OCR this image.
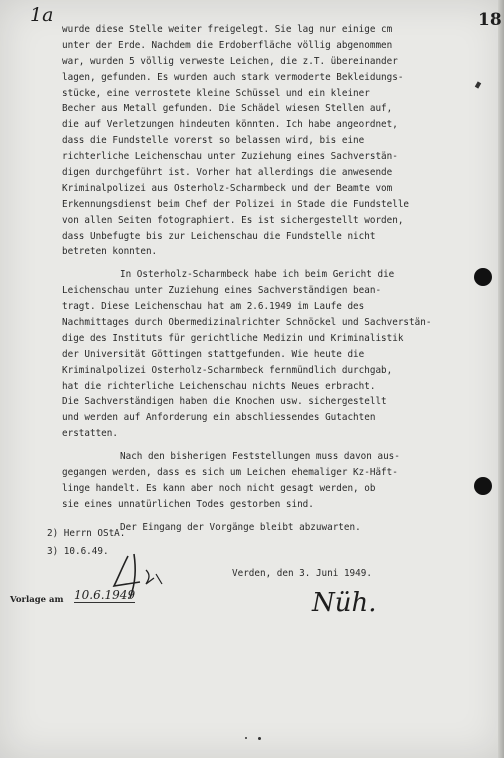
1a	18
wurde diese Stelle weiter freigelegt. Sie lag nur einige cm
unter der Erde. Nachdem die Erdoberfläche völlig abgenommen
war, wurden 5 völlig verweste Leichen, die z.T. übereinander
lagen, gefunden. Es wurden auch stark vermoderte Bekleidungs-
stücke, eine verrostete kleine Schüssel und ein kleiner
Becher aus Metall gefunden. Die Schädel wiesen Stellen auf,
die auf Verletzungen hindeuten könnten. Ich habe angeordnet,
dass die Fundstelle vorerst so belassen wird, bis eine
richterliche Leichenschau unter Zuziehung eines Sachverstän-
digen durchgeführt ist. Vorher hat allerdings die anwesende
Kriminalpolizei aus Osterholz-Scharmbeck und der Beamte vom
Erkennungsdienst beim Chef der Polizei in Stade die Fundstelle
von allen Seiten fotographiert. Es ist sichergestellt worden,
dass Unbefugte bis zur Leichenschau die Fundstelle nicht
betreten konnten.
In Osterholz-Scharmbeck habe ich beim Gericht die
Leichenschau unter Zuziehung eines Sachverständigen bean-
tragt. Diese Leichenschau hat am 2.6.1949 im Laufe des
Nachmittages durch Obermedizinalrichter Schnöckel und Sachverstän-
dige des Instituts für gerichtliche Medizin und Kriminalistik
der Universität Göttingen stattgefunden. Wie heute die
Kriminalpolizei Osterholz-Scharmbeck fernmündlich durchgab,
hat die richterliche Leichenschau nichts Neues erbracht.
Die Sachverständigen haben die Knochen usw. sichergestellt
und werden auf Anforderung ein abschliessendes Gutachten
erstatten.
Nach den bisherigen Feststellungen muss davon aus-
gegangen werden, dass es sich um Leichen ehemaliger Kz-Häft-
linge handelt. Es kann aber noch nicht gesagt werden, ob
sie eines unnatürlichen Todes gestorben sind.
Der Eingang der Vorgänge bleibt abzuwarten.
2) Herrn OStA.
3) 10.6.49.
Verden, den 3. Juni 1949.
Vorlage am 10.6.1949	Nüh.
